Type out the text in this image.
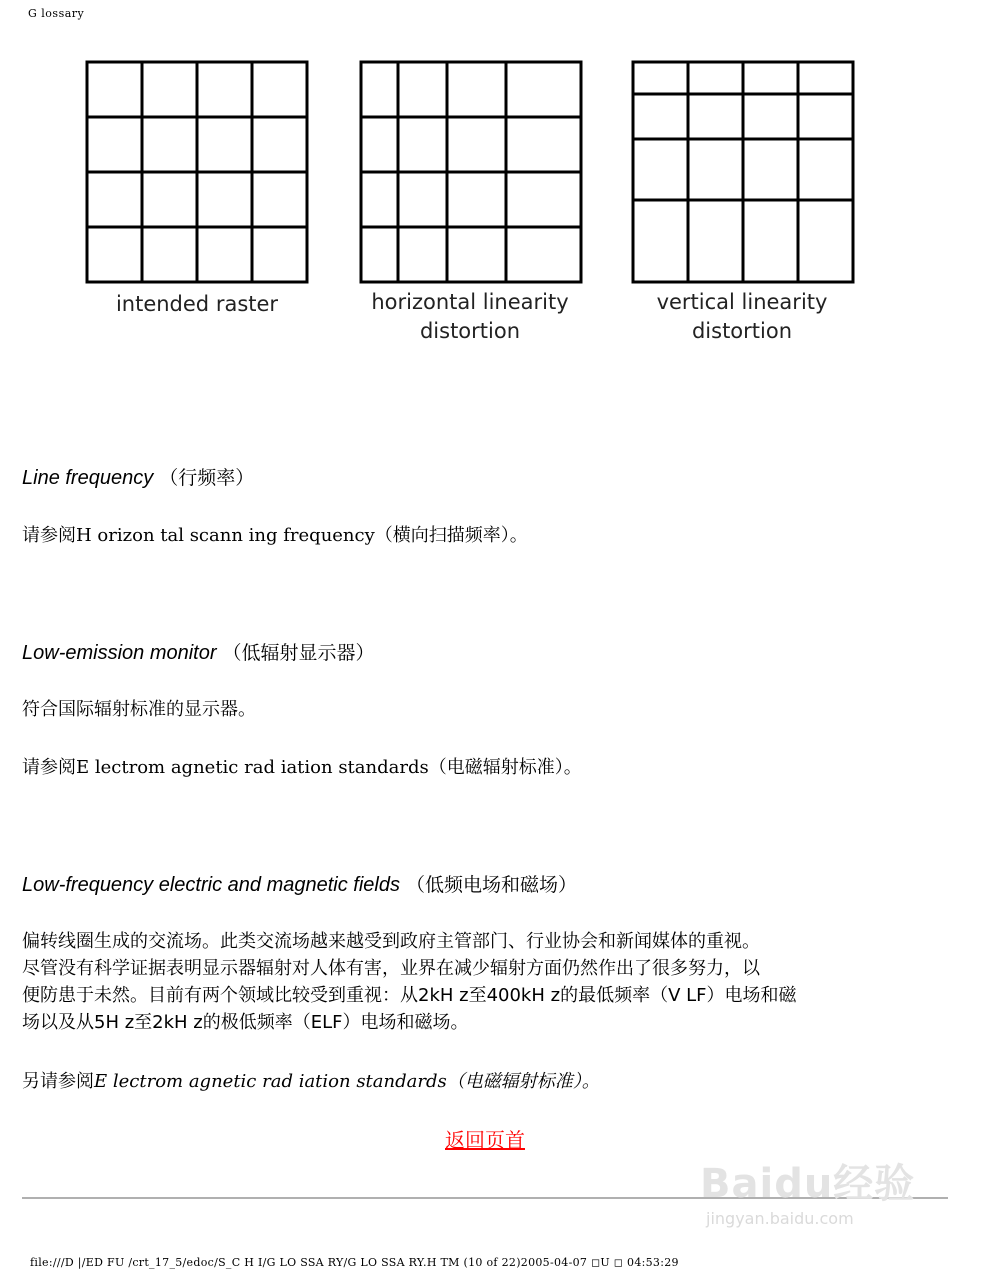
G lossary
intended raster	horizontal linearity
distortion
vertical linearity
distortion
Line frequency （行频率）
请参阅H orizon tal scann ing frequency（横向扫描频率）。
Low-emission monitor （低辐射显示器）
符合国际辐射标准的显示器。
请参阅E lectrom agnetic rad iation standards（电磁辐射标准）。
Low-frequency electric and magnetic fields （低频电场和磁场）
偏转线圈生成的交流场。此类交流场越来越受到政府主管部门、行业协会和新闻媒体的重视。
尽管没有科学证据表明显示器辐射对人体有害，业界在减少辐射方面仍然作出了很多努力，以
便防患于未然。目前有两个领域比较受到重视：从2kH z至400kH z的最低频率（V LF）电场和磁
场以及从5H z至2kH z的极低频率（ELF）电场和磁场。
另请参阅E lectrom agnetic rad iation standards（电磁辐射标准）。
返回页首
Baidu经验
jingyan.baidu.com
file:///D |/ED FU /crt_17_5/edoc/S_C H I/G LO SSA RY/G LO SSA RY.H TM (10 of 22)2005-04-07 ◻U ◻ 04:53:29
